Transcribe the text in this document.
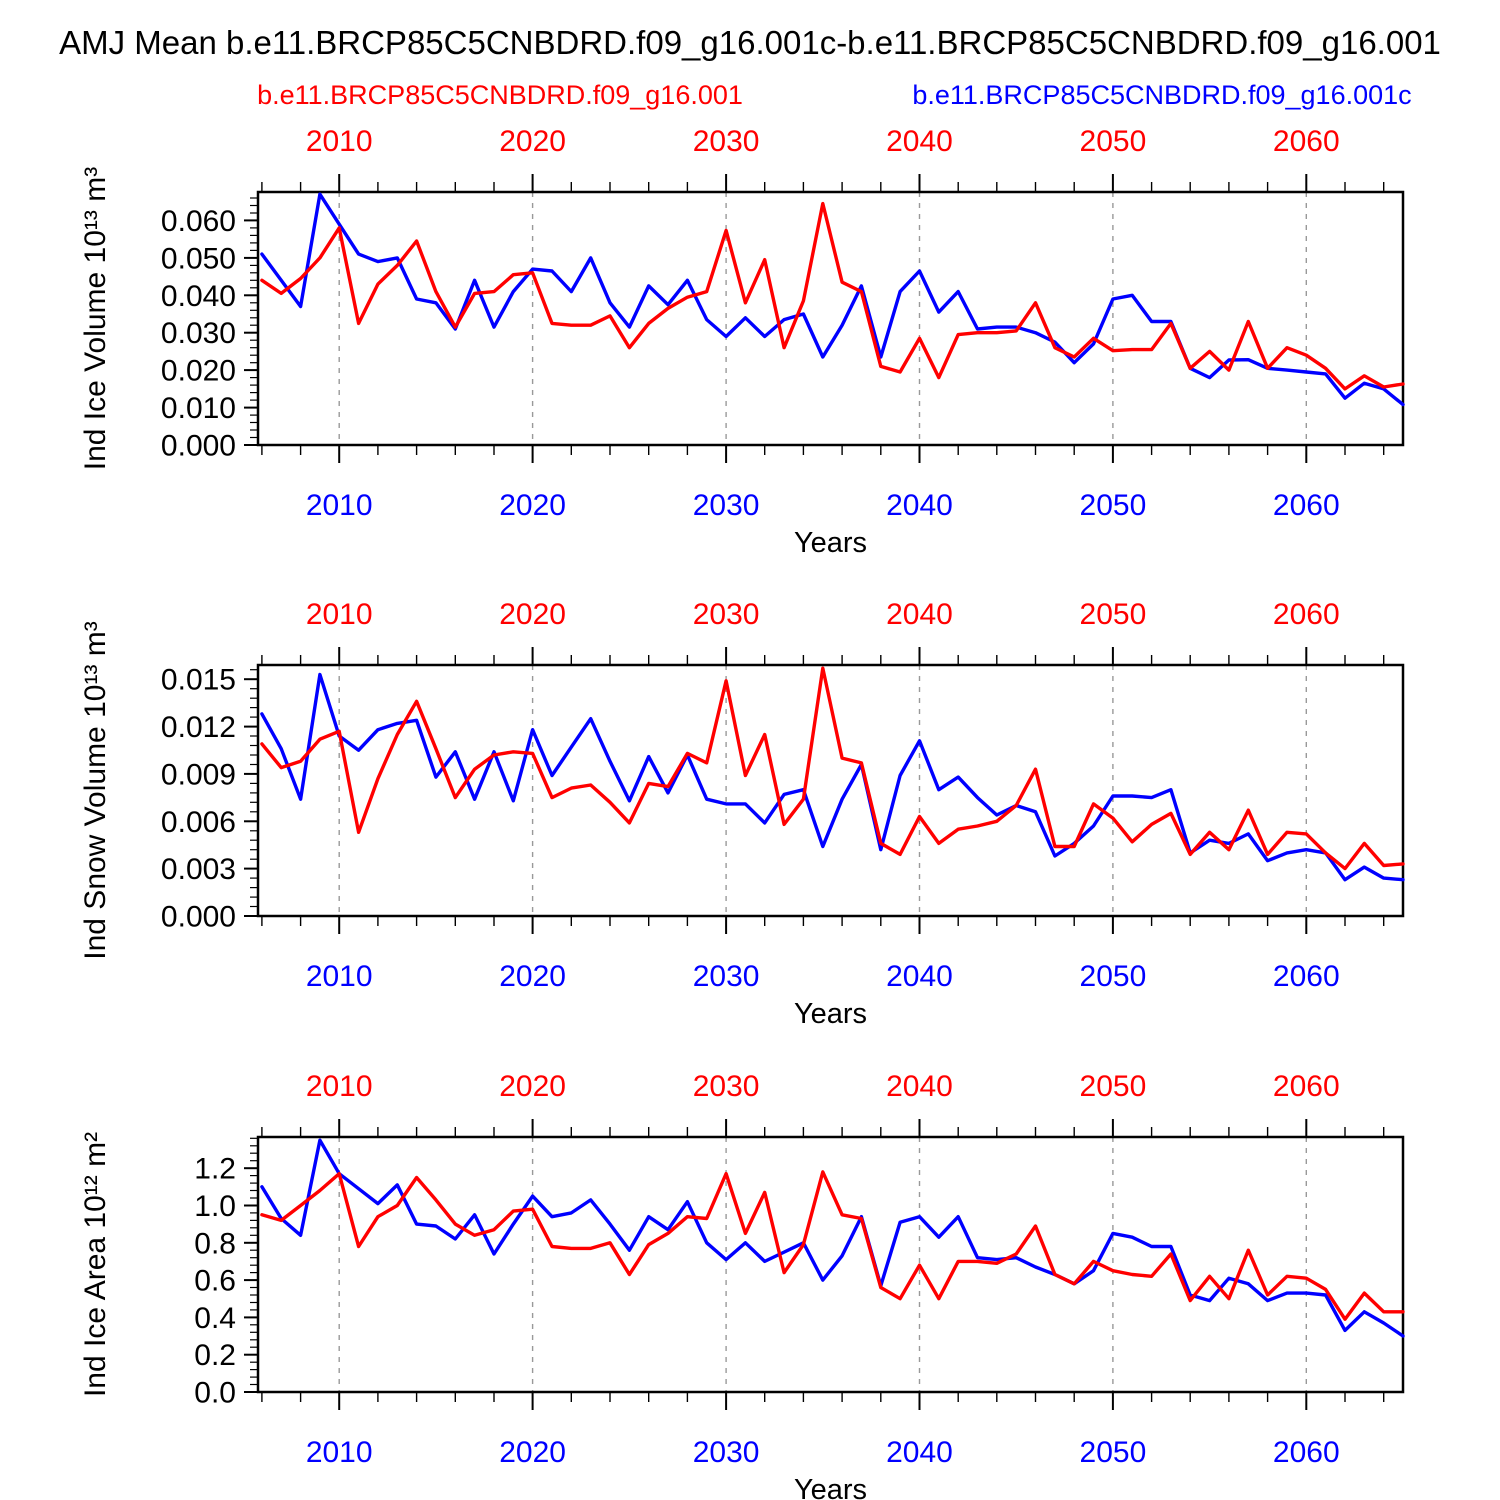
AMJ Mean b.e11.BRCP85C5CNBDRD.f09_g16.001c-b.e11.BRCP85C5CNBDRD.f09_g16.001
b.e11.BRCP85C5CNBDRD.f09_g16.001	b.e11.BRCP85C5CNBDRD.f09_g16.001c
0.000
0.010
0.020
0.030
0.040
0.050
0.060
2010
2010
2020
2020
2030
2030
2040
2040
2050
2050
2060
2060
Years
Ind Ice Volume 10¹³ m³
0.000
0.003
0.006
0.009
0.012
0.015
2010
2010
2020
2020
2030
2030
2040
2040
2050
2050
2060
2060
Years
Ind Snow Volume 10¹³ m³
0.0
0.2
0.4
0.6
0.8
1.0
1.2
2010
2010
2020
2020
2030
2030
2040
2040
2050
2050
2060
2060
Years
Ind Ice Area 10¹² m²
